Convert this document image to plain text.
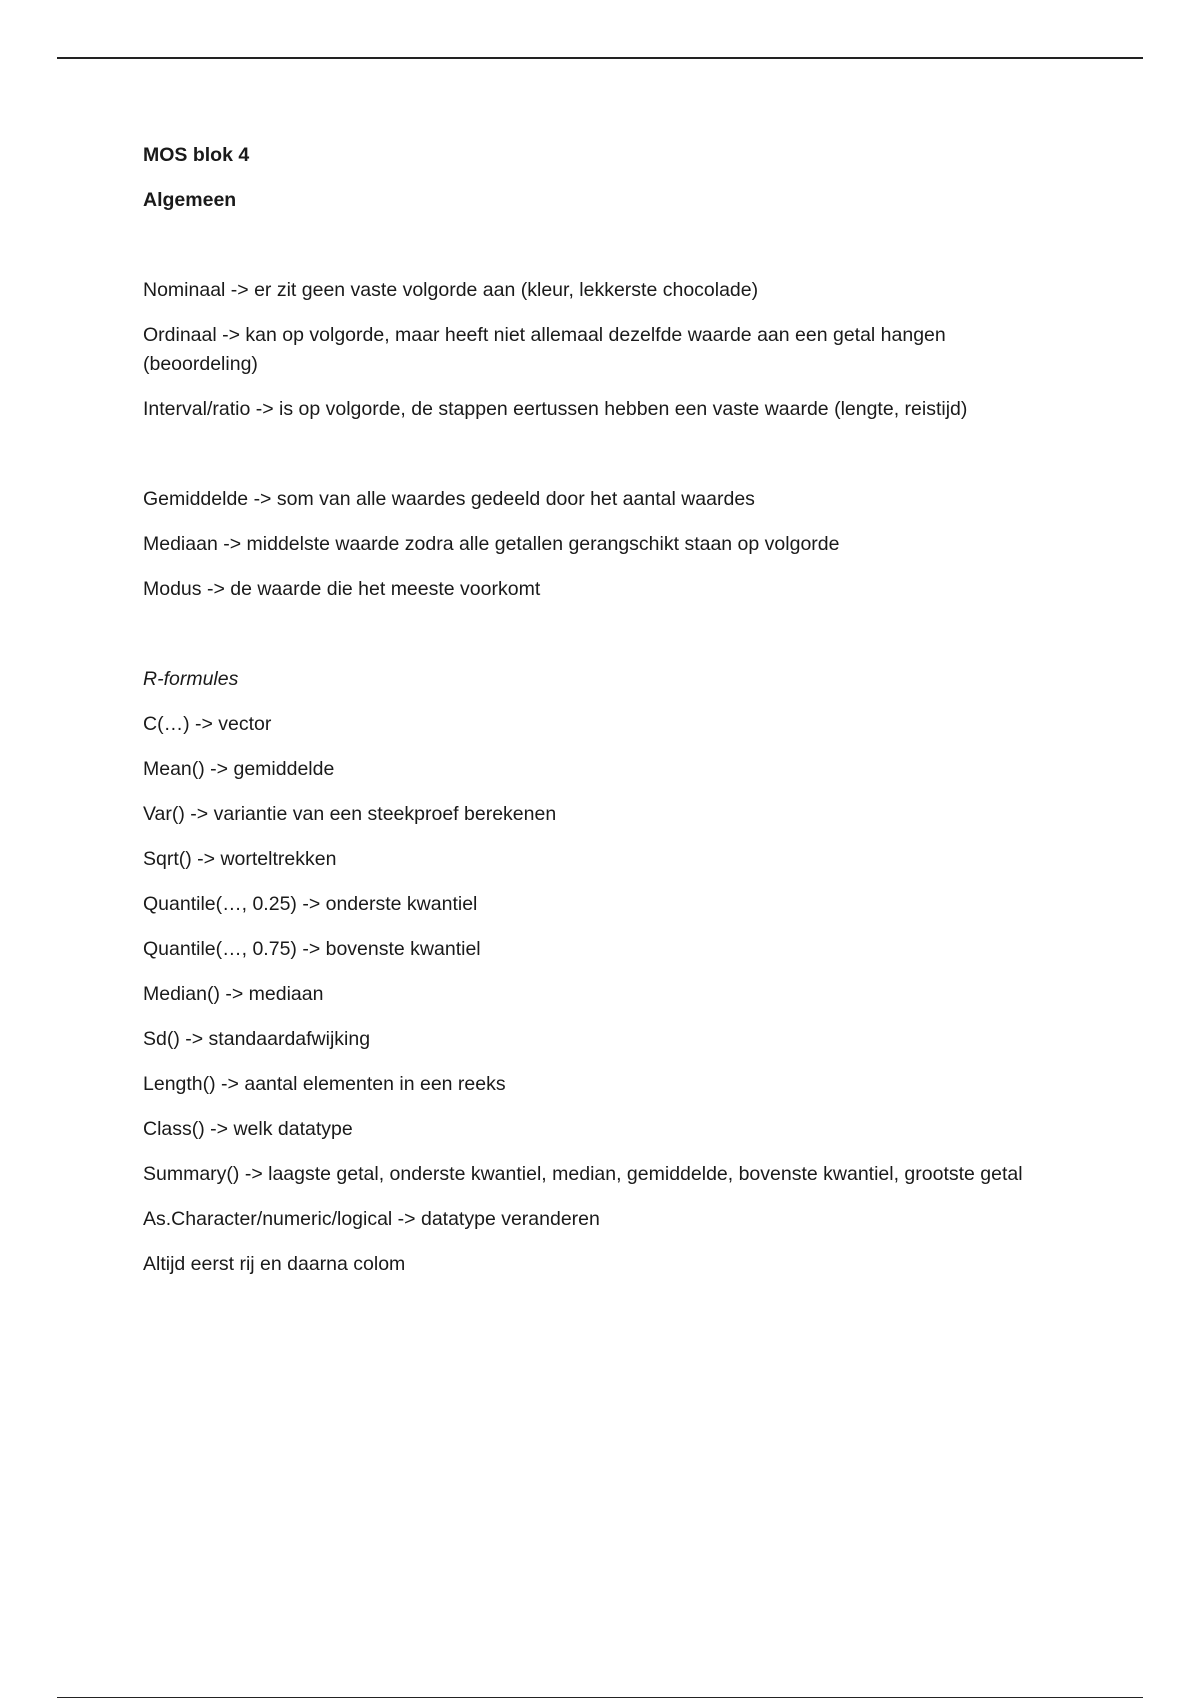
MOS blok 4

Algemeen

Nominaal -> er zit geen vaste volgorde aan (kleur, lekkerste chocolade)

Ordinaal -> kan op volgorde, maar heeft niet allemaal dezelfde waarde aan een getal hangen (beoordeling)

Interval/ratio -> is op volgorde, de stappen eertussen hebben een vaste waarde (lengte, reistijd)

Gemiddelde -> som van alle waardes gedeeld door het aantal waardes

Mediaan -> middelste waarde zodra alle getallen gerangschikt staan op volgorde

Modus -> de waarde die het meeste voorkomt

R-formules

C(…) -> vector

Mean() -> gemiddelde

Var() -> variantie van een steekproef berekenen

Sqrt() -> worteltrekken

Quantile(…, 0.25) -> onderste kwantiel

Quantile(…, 0.75) -> bovenste kwantiel

Median() -> mediaan

Sd() -> standaardafwijking

Length() -> aantal elementen in een reeks

Class() -> welk datatype

Summary() -> laagste getal, onderste kwantiel, median, gemiddelde, bovenste kwantiel, grootste getal

As.Character/numeric/logical -> datatype veranderen

Altijd eerst rij en daarna colom
